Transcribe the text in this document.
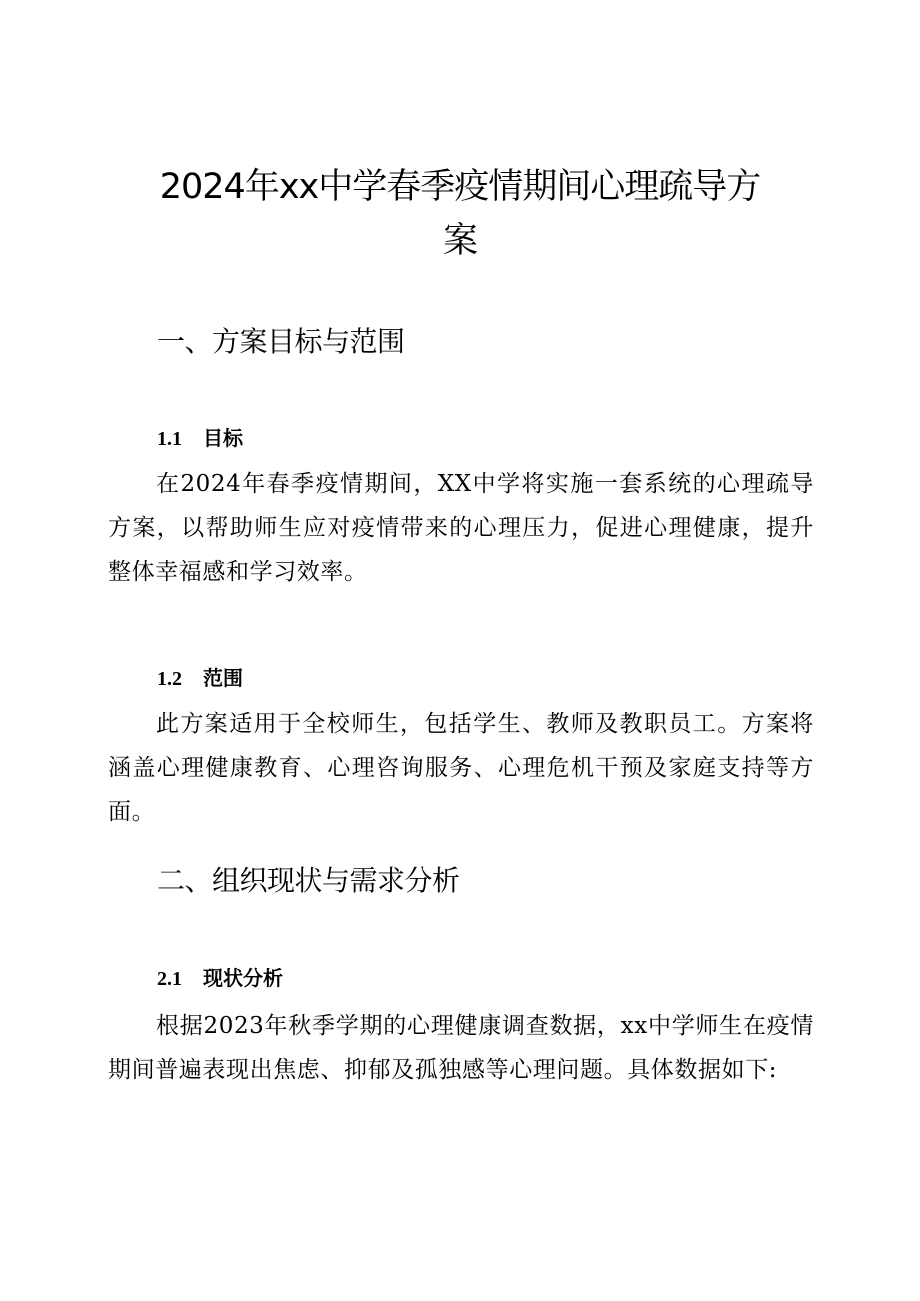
2024年xx中学春季疫情期间心理疏导方案
一、方案目标与范围
1.1 目标
在2024年春季疫情期间，XX中学将实施一套系统的心理疏导方案，以帮助师生应对疫情带来的心理压力，促进心理健康，提升整体幸福感和学习效率。
1.2 范围
此方案适用于全校师生，包括学生、教师及教职员工。方案将涵盖心理健康教育、心理咨询服务、心理危机干预及家庭支持等方面。
二、组织现状与需求分析
2.1 现状分析
根据2023年秋季学期的心理健康调查数据，xx中学师生在疫情期间普遍表现出焦虑、抑郁及孤独感等心理问题。具体数据如下:
